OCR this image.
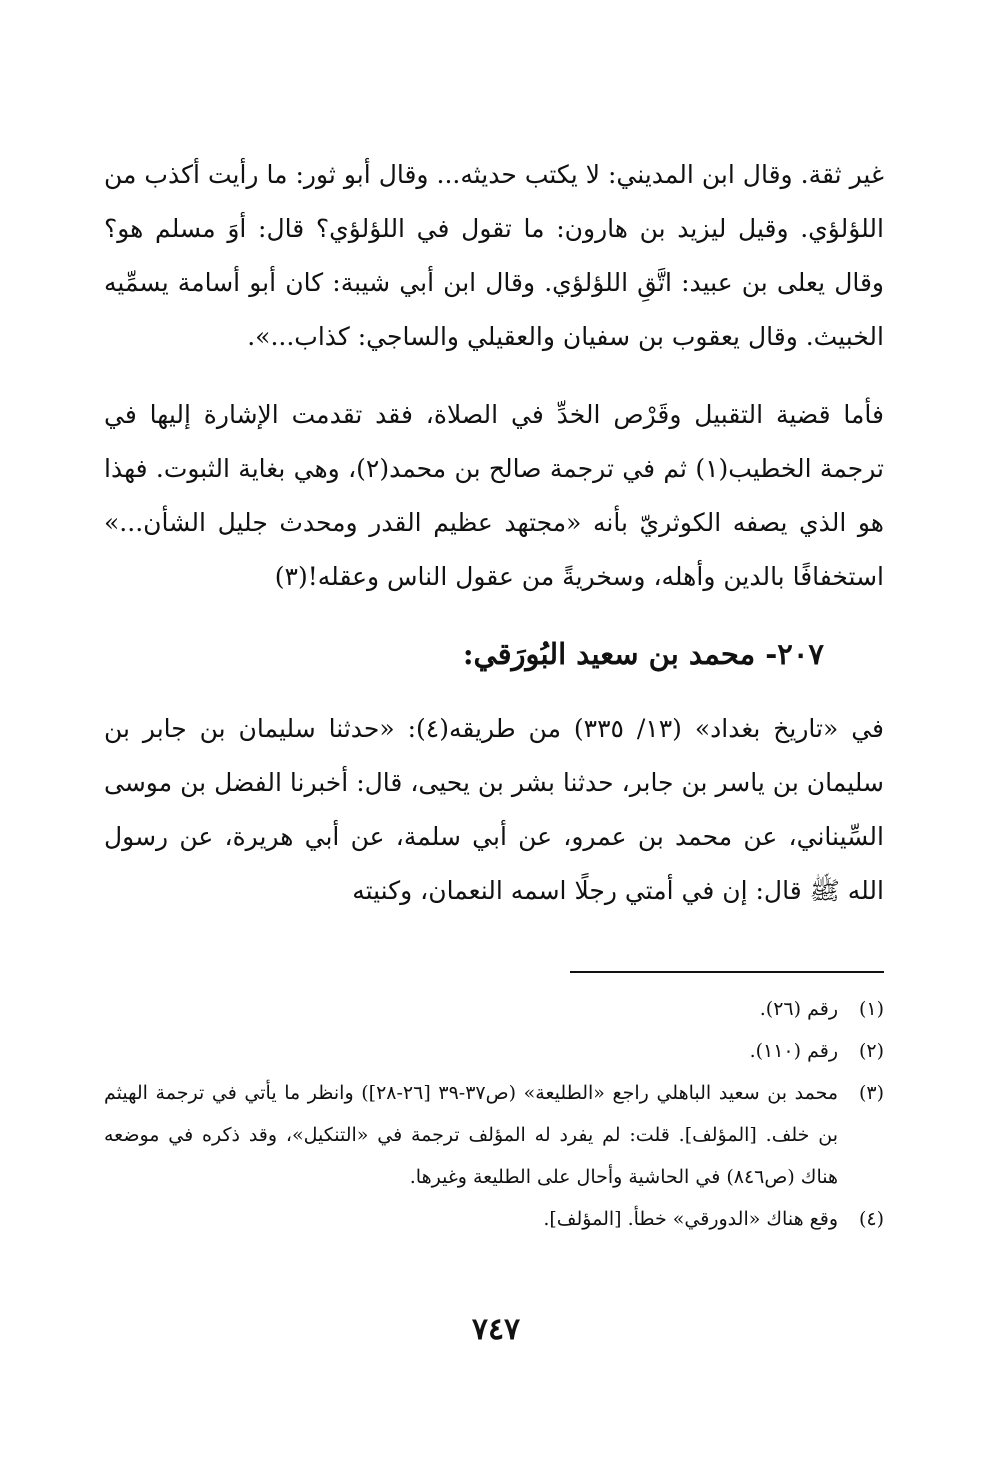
غير ثقة. وقال ابن المديني: لا يكتب حديثه... وقال أبو ثور: ما رأيت أكذب من اللؤلؤي. وقيل ليزيد بن هارون: ما تقول في اللؤلؤي؟ قال: أوَ مسلم هو؟ وقال يعلى بن عبيد: اتَّقِ اللؤلؤي. وقال ابن أبي شيبة: كان أبو أسامة يسمِّيه الخبيث. وقال يعقوب بن سفيان والعقيلي والساجي: كذاب...».

فأما قضية التقبيل وقَرْص الخدِّ في الصلاة، فقد تقدمت الإشارة إليها في ترجمة الخطيب(١) ثم في ترجمة صالح بن محمد(٢)، وهي بغاية الثبوت. فهذا هو الذي يصفه الكوثريّ بأنه «مجتهد عظيم القدر ومحدث جليل الشأن...» استخفافًا بالدين وأهله، وسخريةً من عقول الناس وعقله!(٣)

٢٠٧- محمد بن سعيد البُورَقي:

في «تاريخ بغداد» (١٣/ ٣٣٥) من طريقه(٤): «حدثنا سليمان بن جابر بن سليمان بن ياسر بن جابر، حدثنا بشر بن يحيى، قال: أخبرنا الفضل بن موسى السِّيناني، عن محمد بن عمرو، عن أبي سلمة، عن أبي هريرة، عن رسول الله ﷺ قال: إن في أمتي رجلًا اسمه النعمان، وكنيته

(١)
رقم (٢٦).
(٢)
رقم (١١٠).
(٣)
محمد بن سعيد الباهلي راجع «الطليعة» (ص٣٧-٣٩ [٢٦-٢٨]) وانظر ما يأتي في ترجمة الهيثم بن خلف. [المؤلف]. قلت: لم يفرد له المؤلف ترجمة في «التنكيل»، وقد ذكره في موضعه هناك (ص٨٤٦) في الحاشية وأحال على الطليعة وغيرها.
(٤)
وقع هناك «الدورقي» خطأ. [المؤلف].
٧٤٧
